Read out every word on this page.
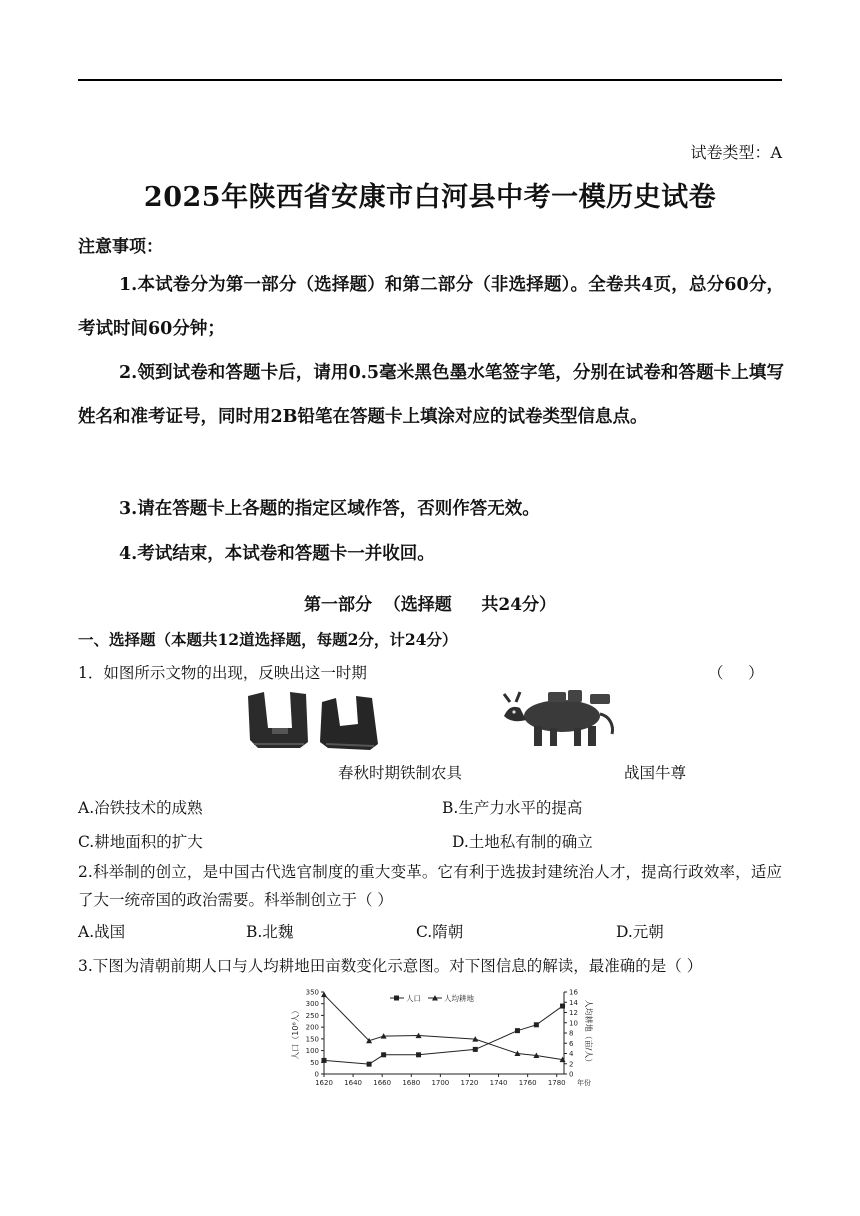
试卷类型：A
2025年陕西省安康市白河县中考一模历史试卷
注意事项：
1.本试卷分为第一部分（选择题）和第二部分（非选择题）。全卷共4页，总分60分，考试时间60分钟；
2.领到试卷和答题卡后，请用0.5毫米黑色墨水笔签字笔，分别在试卷和答题卡上填写姓名和准考证号，同时用2B铅笔在答题卡上填涂对应的试卷类型信息点。
3.请在答题卡上各题的指定区域作答，否则作答无效。
4.考试结束，本试卷和答题卡一并收回。
第一部分  （选择题     共24分）
一、选择题（本题共12道选择题，每题2分，计24分）
1．如图所示文物的出现，反映出这一时期	（     ）
春秋时期铁制农具	战国牛尊
A.冶铁技术的成熟	B.生产力水平的提高
C.耕地面积的扩大	D.土地私有制的确立
2.科举制的创立，是中国古代选官制度的重大变革。它有利于选拔封建统治人才，提高行政效率，适应了大一统帝国的政治需要。科举制创立于（ ）
A.战国	B.北魏	C.隋朝	D.元朝
3.下图为清朝前期人口与人均耕地田亩数变化示意图。对下图信息的解读，最准确的是（ ）
0
50
100
150
200
250
300
350
0
2
4
6
8
10
12
14
16
1620 1640 1660 1680 1700 1720 1740 1760 1780 年份
人口（10⁶人）	人均耕地（亩/人）
人口	人均耕地
